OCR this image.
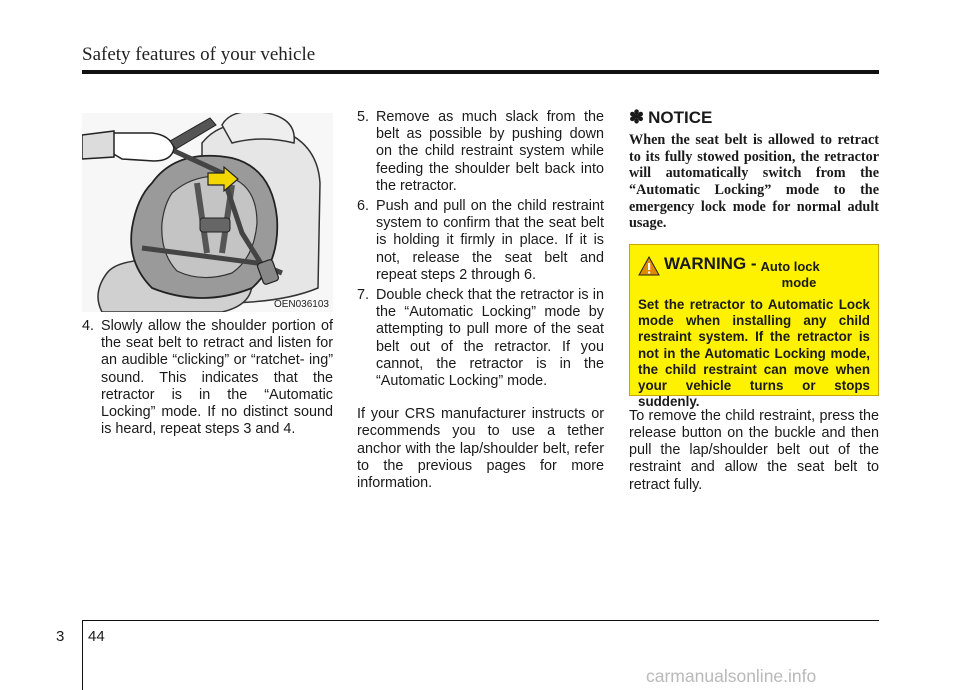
Safety features of your vehicle
OEN036103
4. Slowly allow the shoulder portion of the seat belt to retract and listen for an audible “clicking” or “ratchet- ing” sound. This indicates that the retractor is in the “Automatic Locking” mode. If no distinct sound is heard, repeat steps 3 and 4.
5. Remove as much slack from the belt as possible by pushing down on the child restraint system while feeding the shoulder belt back into the retractor.
6. Push and pull on the child restraint system to confirm that the seat belt is holding it firmly in place. If it is not, release the seat belt and repeat steps 2 through 6.
7. Double check that the retractor is in the “Automatic Locking” mode by attempting to pull more of the seat belt out of the retractor. If you cannot, the retractor is in the “Automatic Locking” mode.
If your CRS manufacturer instructs or recommends you to use a tether anchor with the lap/shoulder belt, refer to the previous pages for more information.
✽ NOTICE
When the seat belt is allowed to retract to its fully stowed position, the retractor will automatically switch from the “Automatic Locking” mode to the emergency lock mode for normal adult usage.
WARNING - Auto lock
mode
Set the retractor to Automatic Lock mode when installing any child restraint system. If the retractor is not in the Automatic Locking mode, the child restraint can move when your vehicle turns or stops suddenly.
To remove the child restraint, press the release button on the buckle and then pull the lap/shoulder belt out of the restraint and allow the seat belt to retract fully.
3 44
carmanualsonline.info
